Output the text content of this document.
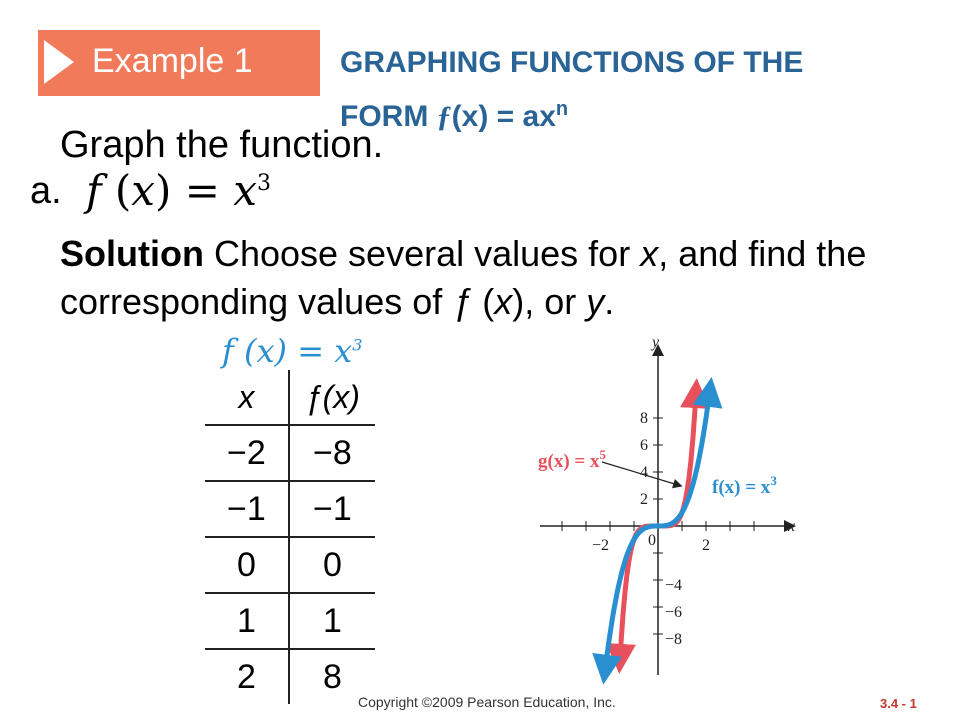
Example 1	GRAPHING FUNCTIONS OF THE
FORM ƒ(x) = $ax^n$
Graph the function.
a. f $(x) = x^3$
Solution Choose several values for x, and find the corresponding values of ƒ (x), or y.
f $(x) = x^3$
x	ƒ(x)
−2	−8
−1	−1
0	0
1	1
2	8
8
6
4
2
−4
−6
−8
−2 0	2
y
x
$g(x) = x^5$
$f(x) = x^3$
Copyright ©2009 Pearson Education, Inc.	3.4 - 1
